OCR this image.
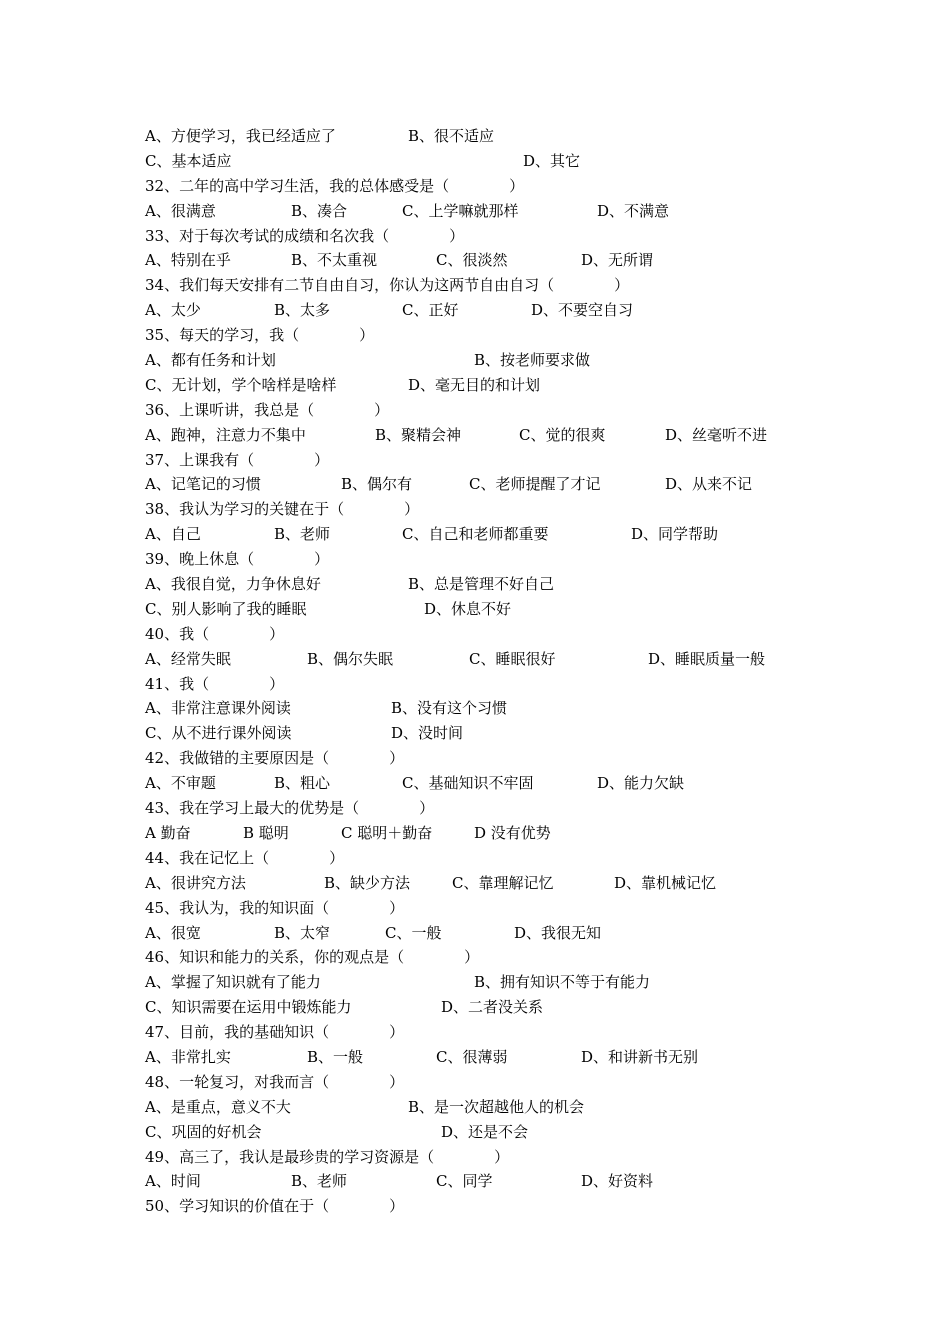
A、方便学习，我已经适应了	B、很不适应
C、基本适应	D、其它
32、二年的高中学习生活，我的总体感受是（　　　　）
A、很满意	B、凑合	C、上学嘛就那样	D、不满意
33、对于每次考试的成绩和名次我（　　　　）
A、特别在乎	B、不太重视	C、很淡然	D、无所谓
34、我们每天安排有二节自由自习，你认为这两节自由自习（　　　　）
A、太少	B、太多	C、正好	D、不要空自习
35、每天的学习，我（　　　　）
A、都有任务和计划	B、按老师要求做
C、无计划，学个啥样是啥样	D、毫无目的和计划
36、上课听讲，我总是（　　　　）
A、跑神，注意力不集中	B、聚精会神	C、觉的很爽	D、丝毫听不进
37、上课我有（　　　　）
A、记笔记的习惯	B、偶尔有	C、老师提醒了才记	D、从来不记
38、我认为学习的关键在于（　　　　）
A、自己	B、老师	C、自己和老师都重要	D、同学帮助
39、晚上休息（　　　　）
A、我很自觉，力争休息好	B、总是管理不好自己
C、别人影响了我的睡眠	D、休息不好
40、我（　　　　）
A、经常失眠	B、偶尔失眠	C、睡眠很好	D、睡眠质量一般
41、我（　　　　）
A、非常注意课外阅读	B、没有这个习惯
C、从不进行课外阅读	D、没时间
42、我做错的主要原因是（　　　　）
A、不审题	B、粗心	C、基础知识不牢固	D、能力欠缺
43、我在学习上最大的优势是（　　　　）
A 勤奋	B 聪明	C 聪明＋勤奋	D 没有优势
44、我在记忆上（　　　　）
A、很讲究方法	B、缺少方法	C、靠理解记忆	D、靠机械记忆
45、我认为，我的知识面（　　　　）
A、很宽	B、太窄	C、一般	D、我很无知
46、知识和能力的关系，你的观点是（　　　　）
A、掌握了知识就有了能力	B、拥有知识不等于有能力
C、知识需要在运用中锻炼能力	D、二者没关系
47、目前，我的基础知识（　　　　）
A、非常扎实	B、一般	C、很薄弱	D、和讲新书无别
48、一轮复习，对我而言（　　　　）
A、是重点，意义不大	B、是一次超越他人的机会
C、巩固的好机会	D、还是不会
49、高三了，我认是最珍贵的学习资源是（　　　　）
A、时间	B、老师	C、同学	D、好资料
50、学习知识的价值在于（　　　　）
